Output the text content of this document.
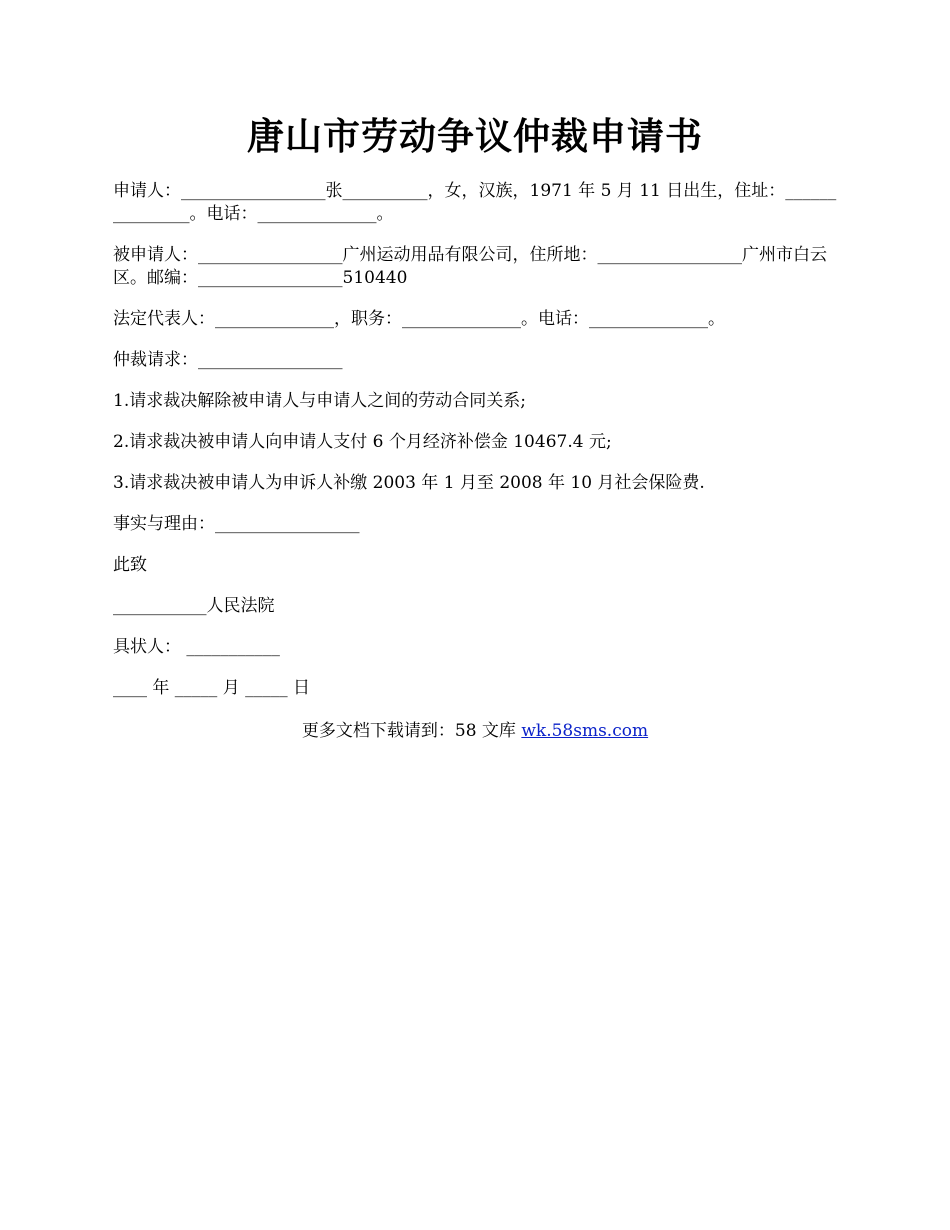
唐山市劳动争议仲裁申请书

申请人：_________________张__________，女，汉族，1971 年 5 月 11 日出生，住址：_______________。电话：______________。

被申请人：_________________广州运动用品有限公司，住所地：_________________广州市白云区。邮编：_________________510440

法定代表人：______________，职务：______________。电话：______________。

仲裁请求：_________________

1.请求裁决解除被申请人与申请人之间的劳动合同关系;

2.请求裁决被申请人向申请人支付 6 个月经济补偿金 10467.4 元;

3.请求裁决被申请人为申诉人补缴 2003 年 1 月至 2008 年 10 月社会保险费.

事实与理由：_________________

此致

___________人民法院

具状人： ___________

____ 年 _____ 月 _____ 日

更多文档下载请到：58 文库 wk.58sms.com
